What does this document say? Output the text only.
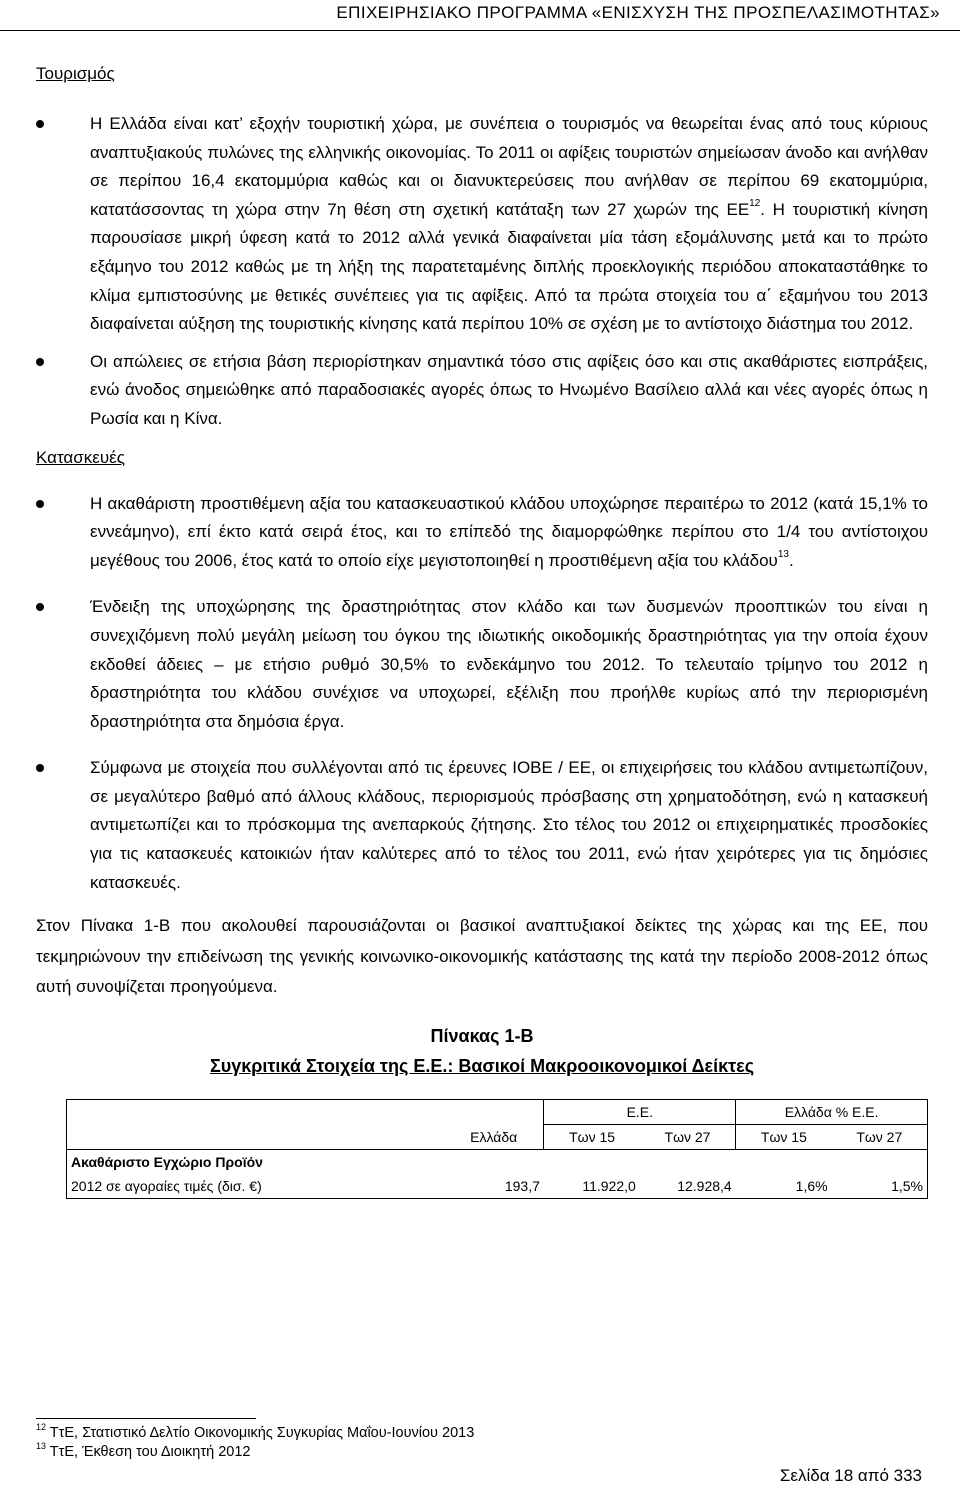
ΕΠΙΧΕΙΡΗΣΙΑΚΟ ΠΡΟΓΡΑΜΜΑ «ΕΝΙΣΧΥΣΗ ΤΗΣ ΠΡΟΣΠΕΛΑΣΙΜΟΤΗΤΑΣ»

Τουρισμός

Η Ελλάδα είναι κατ’ εξοχήν τουριστική χώρα, με συνέπεια ο τουρισμός να θεωρείται ένας από τους κύριους αναπτυξιακούς πυλώνες της ελληνικής οικονομίας. Το 2011 οι αφίξεις τουριστών σημείωσαν άνοδο και ανήλθαν σε περίπου 16,4 εκατομμύρια καθώς και οι διανυκτερεύσεις που ανήλθαν σε περίπου 69 εκατομμύρια, κατατάσσοντας τη χώρα στην 7η θέση στη σχετική κατάταξη των 27 χωρών της ΕΕ$^{12}$. Η τουριστική κίνηση παρουσίασε μικρή ύφεση κατά το 2012 αλλά γενικά διαφαίνεται μία τάση εξομάλυνσης μετά και το πρώτο εξάμηνο του 2012 καθώς με τη λήξη της παρατεταμένης διπλής προεκλογικής περιόδου αποκαταστάθηκε το κλίμα εμπιστοσύνης με θετικές συνέπειες για τις αφίξεις. Από τα πρώτα στοιχεία του α΄ εξαμήνου του 2013 διαφαίνεται αύξηση της τουριστικής κίνησης κατά περίπου 10% σε σχέση με το αντίστοιχο διάστημα του 2012.
Οι απώλειες σε ετήσια βάση περιορίστηκαν σημαντικά τόσο στις αφίξεις όσο και στις ακαθάριστες εισπράξεις, ενώ άνοδος σημειώθηκε από παραδοσιακές αγορές όπως το Ηνωμένο Βασίλειο αλλά και νέες αγορές όπως η Ρωσία και η Κίνα.

Κατασκευές

Η ακαθάριστη προστιθέμενη αξία του κατασκευαστικού κλάδου υποχώρησε περαιτέρω το 2012 (κατά 15,1% το εννεάμηνο), επί έκτο κατά σειρά έτος, και το επίπεδό της διαμορφώθηκε περίπου στο 1/4 του αντίστοιχου μεγέθους του 2006, έτος κατά το οποίο είχε μεγιστοποιηθεί η προστιθέμενη αξία του κλάδου$^{13}$.
Ένδειξη της υποχώρησης της δραστηριότητας στον κλάδο και των δυσμενών προοπτικών του είναι η συνεχιζόμενη πολύ μεγάλη μείωση του όγκου της ιδιωτικής οικοδομικής δραστηριότητας για την οποία έχουν εκδοθεί άδειες – με ετήσιο ρυθμό 30,5% το ενδεκάμηνο του 2012. Το τελευταίο τρίμηνο του 2012 η δραστηριότητα του κλάδου συνέχισε να υποχωρεί, εξέλιξη που προήλθε κυρίως από την περιορισμένη δραστηριότητα στα δημόσια έργα.
Σύμφωνα με στοιχεία που συλλέγονται από τις έρευνες ΙΟΒΕ / ΕΕ, οι επιχειρήσεις του κλάδου αντιμετωπίζουν, σε μεγαλύτερο βαθμό από άλλους κλάδους, περιορισμούς πρόσβασης στη χρηματοδότηση, ενώ η κατασκευή αντιμετωπίζει και το πρόσκομμα της ανεπαρκούς ζήτησης. Στο τέλος του 2012 οι επιχειρηματικές προσδοκίες για τις κατασκευές κατοικιών ήταν καλύτερες από το τέλος του 2011, ενώ ήταν χειρότερες για τις δημόσιες κατασκευές.

Στον Πίνακα 1-Β που ακολουθεί παρουσιάζονται οι βασικοί αναπτυξιακοί δείκτες της χώρας και της ΕΕ, που τεκμηριώνουν την επιδείνωση της γενικής κοινωνικο-οικονομικής κατάστασης της κατά την περίοδο 2008-2012 όπως αυτή συνοψίζεται προηγούμενα.

Πίνακας 1-Β

Συγκριτικά Στοιχεία της Ε.Ε.: Βασικοί Μακροοικονομικοί Δείκτες

		Ε.Ε.		Ελλάδα % Ε.Ε.	
	Ελλάδα	Των 15	Των 27	Των 15	Των 27
Ακαθάριστο Εγχώριο Προϊόν					
2012 σε αγοραίες τιμές (δισ. €)	193,7	11.922,0	12.928,4	1,6%	1,5%
$^{12}$ ΤτΕ, Στατιστικό Δελτίο Οικονομικής Συγκυρίας Μαΐου-Ιουνίου 2013
$^{13}$ ΤτΕ, Έκθεση του Διοικητή 2012
Σελίδα 18 από 333
